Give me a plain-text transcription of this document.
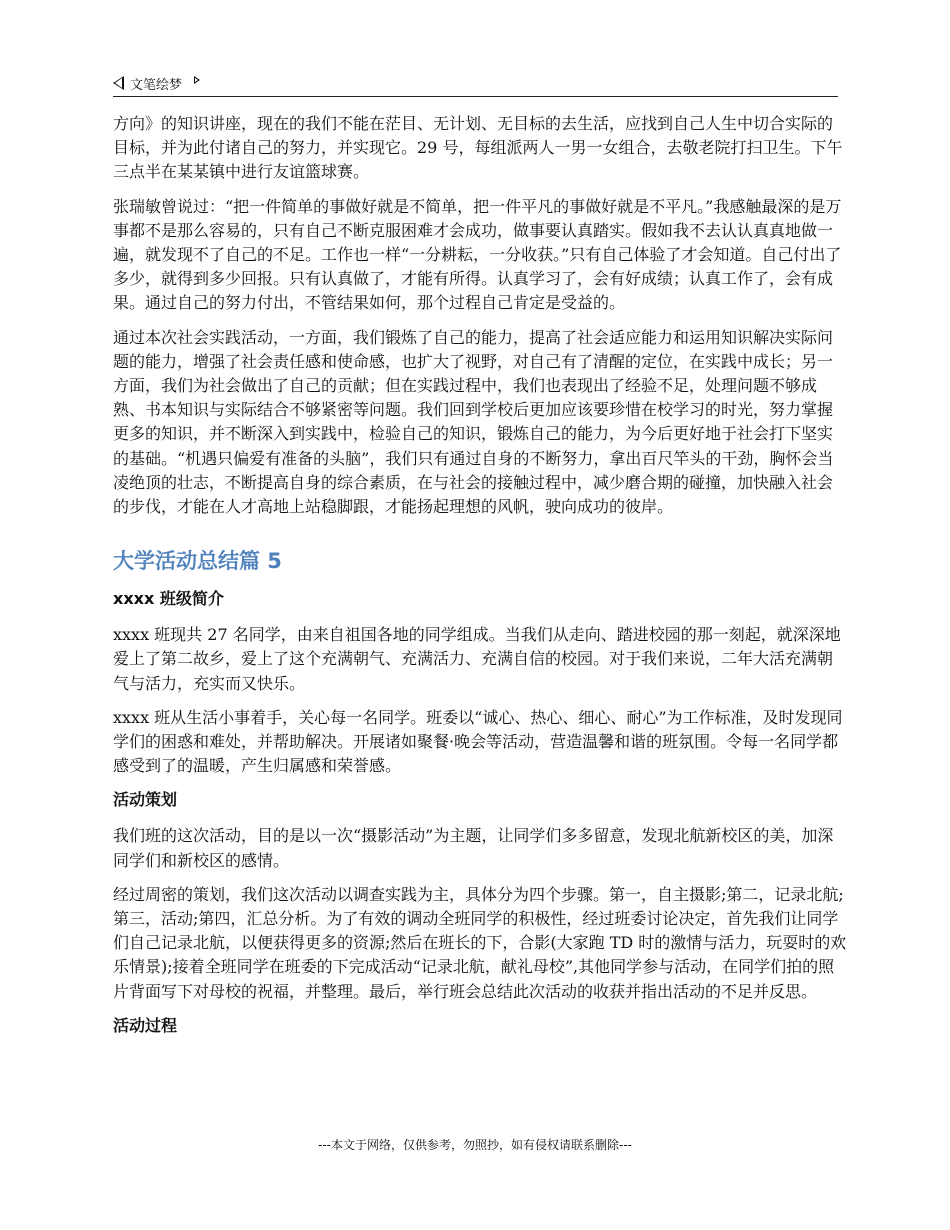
文笔绘梦

方向》的知识讲座，现在的我们不能在茫目、无计划、无目标的去生活，应找到自己人生中切合实际的目标，并为此付诸自己的努力，并实现它。29 号，每组派两人一男一女组合，去敬老院打扫卫生。下午三点半在某某镇中进行友谊篮球赛。

张瑞敏曾说过：“把一件简单的事做好就是不简单，把一件平凡的事做好就是不平凡。”我感触最深的是万事都不是那么容易的，只有自己不断克服困难才会成功，做事要认真踏实。假如我不去认认真真地做一遍，就发现不了自己的不足。工作也一样“一分耕耘，一分收获。”只有自己体验了才会知道。自己付出了多少，就得到多少回报。只有认真做了，才能有所得。认真学习了，会有好成绩；认真工作了，会有成果。通过自己的努力付出，不管结果如何，那个过程自己肯定是受益的。

通过本次社会实践活动，一方面，我们锻炼了自己的能力，提高了社会适应能力和运用知识解决实际问题的能力，增强了社会责任感和使命感，也扩大了视野，对自己有了清醒的定位，在实践中成长；另一方面，我们为社会做出了自己的贡献；但在实践过程中，我们也表现出了经验不足，处理问题不够成熟、书本知识与实际结合不够紧密等问题。我们回到学校后更加应该要珍惜在校学习的时光，努力掌握更多的知识，并不断深入到实践中，检验自己的知识，锻炼自己的能力，为今后更好地于社会打下坚实的基础。“机遇只偏爱有准备的头脑”，我们只有通过自身的不断努力，拿出百尺竿头的干劲，胸怀会当凌绝顶的壮志，不断提高自身的综合素质，在与社会的接触过程中，减少磨合期的碰撞，加快融入社会的步伐，才能在人才高地上站稳脚跟，才能扬起理想的风帆，驶向成功的彼岸。

大学活动总结篇 5
xxxx 班级简介

xxxx 班现共 27 名同学，由来自祖国各地的同学组成。当我们从走向、踏进校园的那一刻起，就深深地爱上了第二故乡，爱上了这个充满朝气、充满活力、充满自信的校园。对于我们来说，二年大活充满朝气与活力，充实而又快乐。

xxxx 班从生活小事着手，关心每一名同学。班委以“诚心、热心、细心、耐心”为工作标准，及时发现同学们的困惑和难处，并帮助解决。开展诸如聚餐·晚会等活动，营造温馨和谐的班氛围。令每一名同学都感受到了的温暖，产生归属感和荣誉感。

活动策划

我们班的这次活动，目的是以一次“摄影活动”为主题，让同学们多多留意，发现北航新校区的美，加深同学们和新校区的感情。

经过周密的策划，我们这次活动以调查实践为主，具体分为四个步骤。第一，自主摄影;第二，记录北航;第三，活动;第四，汇总分析。为了有效的调动全班同学的积极性，经过班委讨论决定，首先我们让同学们自己记录北航，以便获得更多的资源;然后在班长的下，合影(大家跑 TD 时的激情与活力，玩耍时的欢乐情景);接着全班同学在班委的下完成活动“记录北航，献礼母校”,其他同学参与活动，在同学们拍的照片背面写下对母校的祝福，并整理。最后，举行班会总结此次活动的收获并指出活动的不足并反思。

活动过程
---本文于网络，仅供参考，勿照抄，如有侵权请联系删除---
